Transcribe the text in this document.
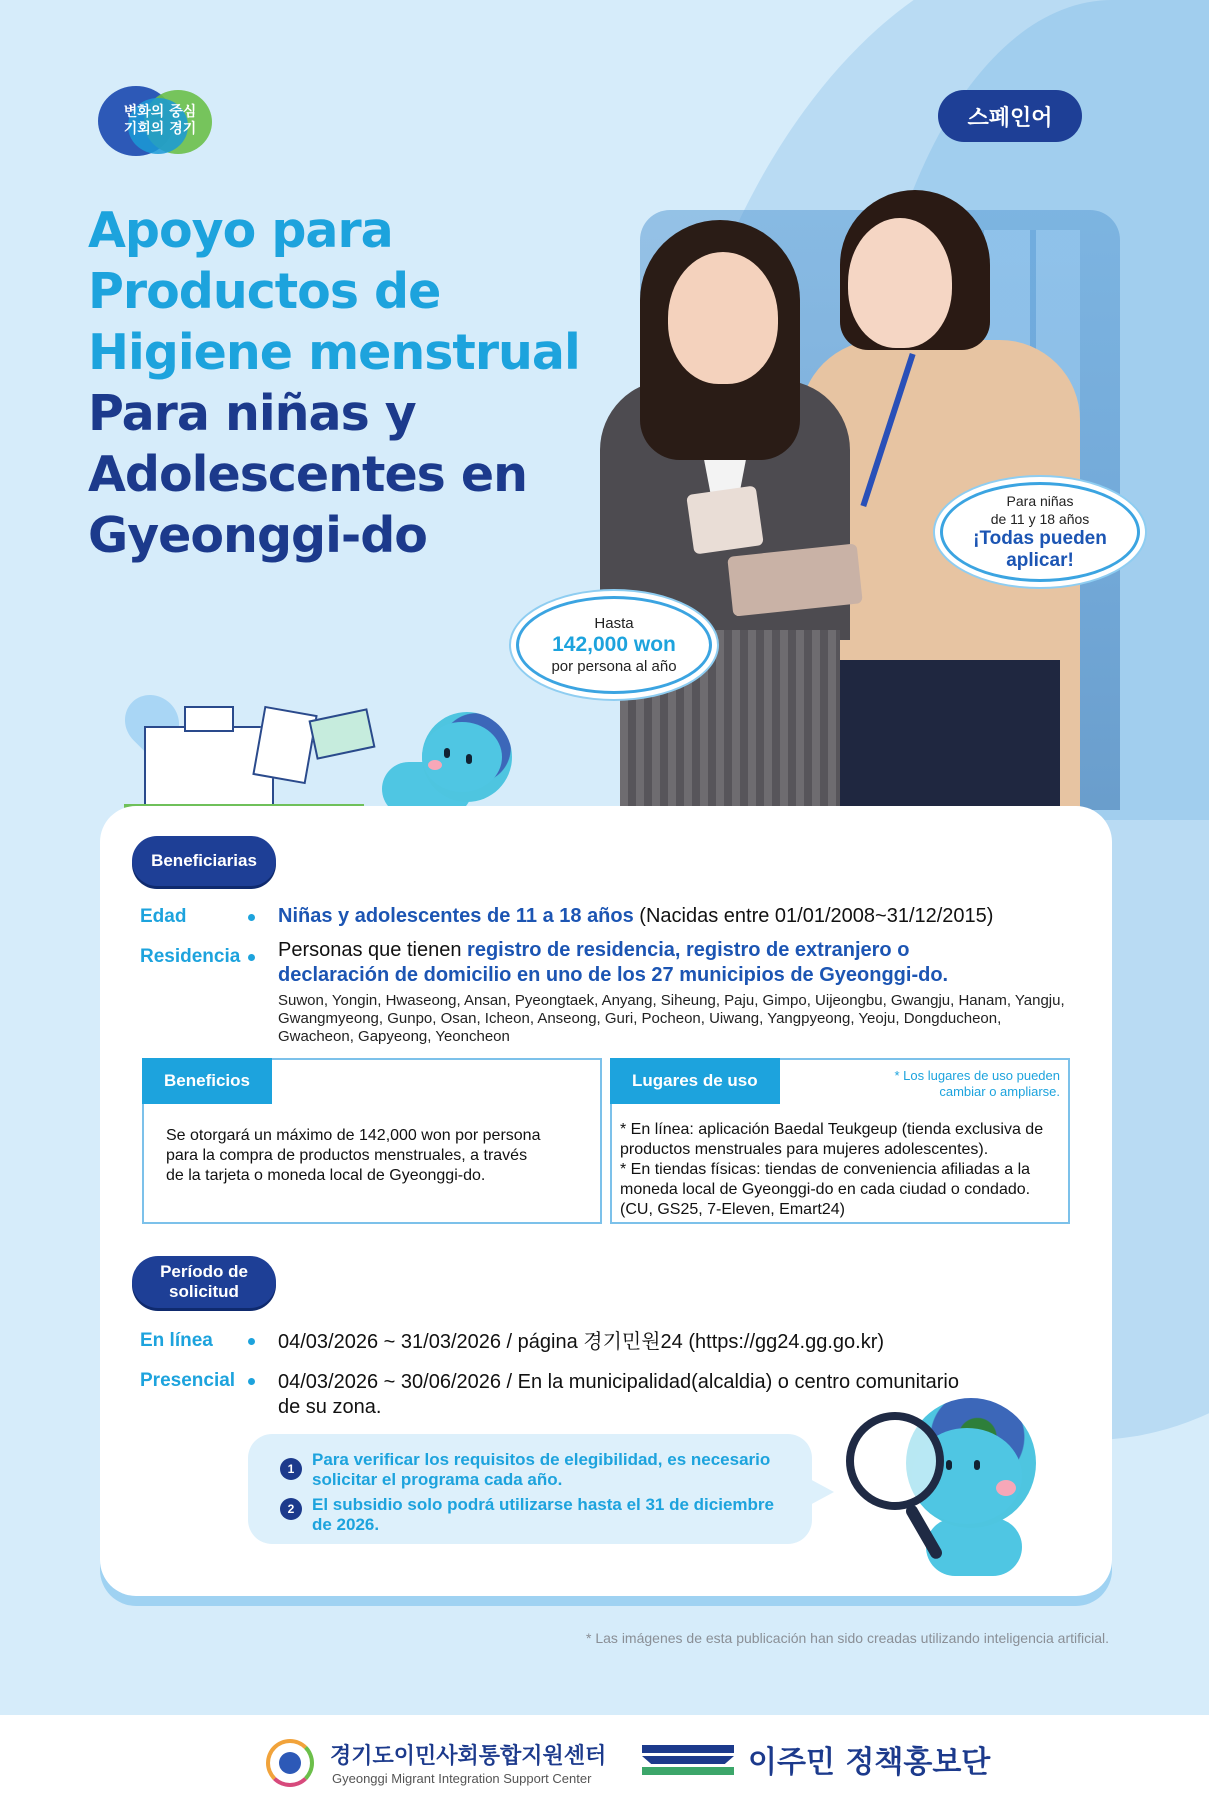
변화의 중심
기회의 경기	스페인어
Apoyo para
Productos de
Higiene menstrual
Para niñas y
Adolescentes en
Gyeonggi-do
Hasta
142,000 won
por persona al año
Para niñas
de 11 y 18 años
¡Todas pueden
aplicar!
Beneficiarias
Edad	Niñas y adolescentes de 11 a 18 años (Nacidas entre 01/01/2008~31/12/2015)
Residencia Personas que tienen registro de residencia, registro de extranjero o declaración de domicilio en uno de los 27 municipios de Gyeonggi-do.
Suwon, Yongin, Hwaseong, Ansan, Pyeongtaek, Anyang, Siheung, Paju, Gimpo, Uijeongbu, Gwangju, Hanam, Yangju, Gwangmyeong, Gunpo, Osan, Icheon, Anseong, Guri, Pocheon, Uiwang, Yangpyeong, Yeoju, Dongducheon, Gwacheon, Gapyeong, Yeoncheon
Beneficios
Se otorgará un máximo de 142,000 won por persona para la compra de productos menstruales, a través de la tarjeta o moneda local de Gyeonggi-do.
Lugares de uso	* Los lugares de uso pueden cambiar o ampliarse.
* En línea: aplicación Baedal Teukgeup (tienda exclusiva de productos menstruales para mujeres adolescentes).
* En tiendas físicas: tiendas de conveniencia afiliadas a la moneda local de Gyeonggi-do en cada ciudad o condado. (CU, GS25, 7-Eleven, Emart24)
Período de
solicitud
En línea	04/03/2026 ~ 31/03/2026 / página 경기민원24 (https://gg24.gg.go.kr)
Presencial 04/03/2026 ~ 30/06/2026 / En la municipalidad(alcaldia) o centro comunitario de su zona.
1	Para verificar los requisitos de elegibilidad, es necesario solicitar el programa cada año.
2	El subsidio solo podrá utilizarse hasta el 31 de diciembre de 2026.
* Las imágenes de esta publicación han sido creadas utilizando inteligencia artificial.
경기도이민사회통합지원센터
Gyeonggi Migrant Integration Support Center	이주민 정책홍보단
